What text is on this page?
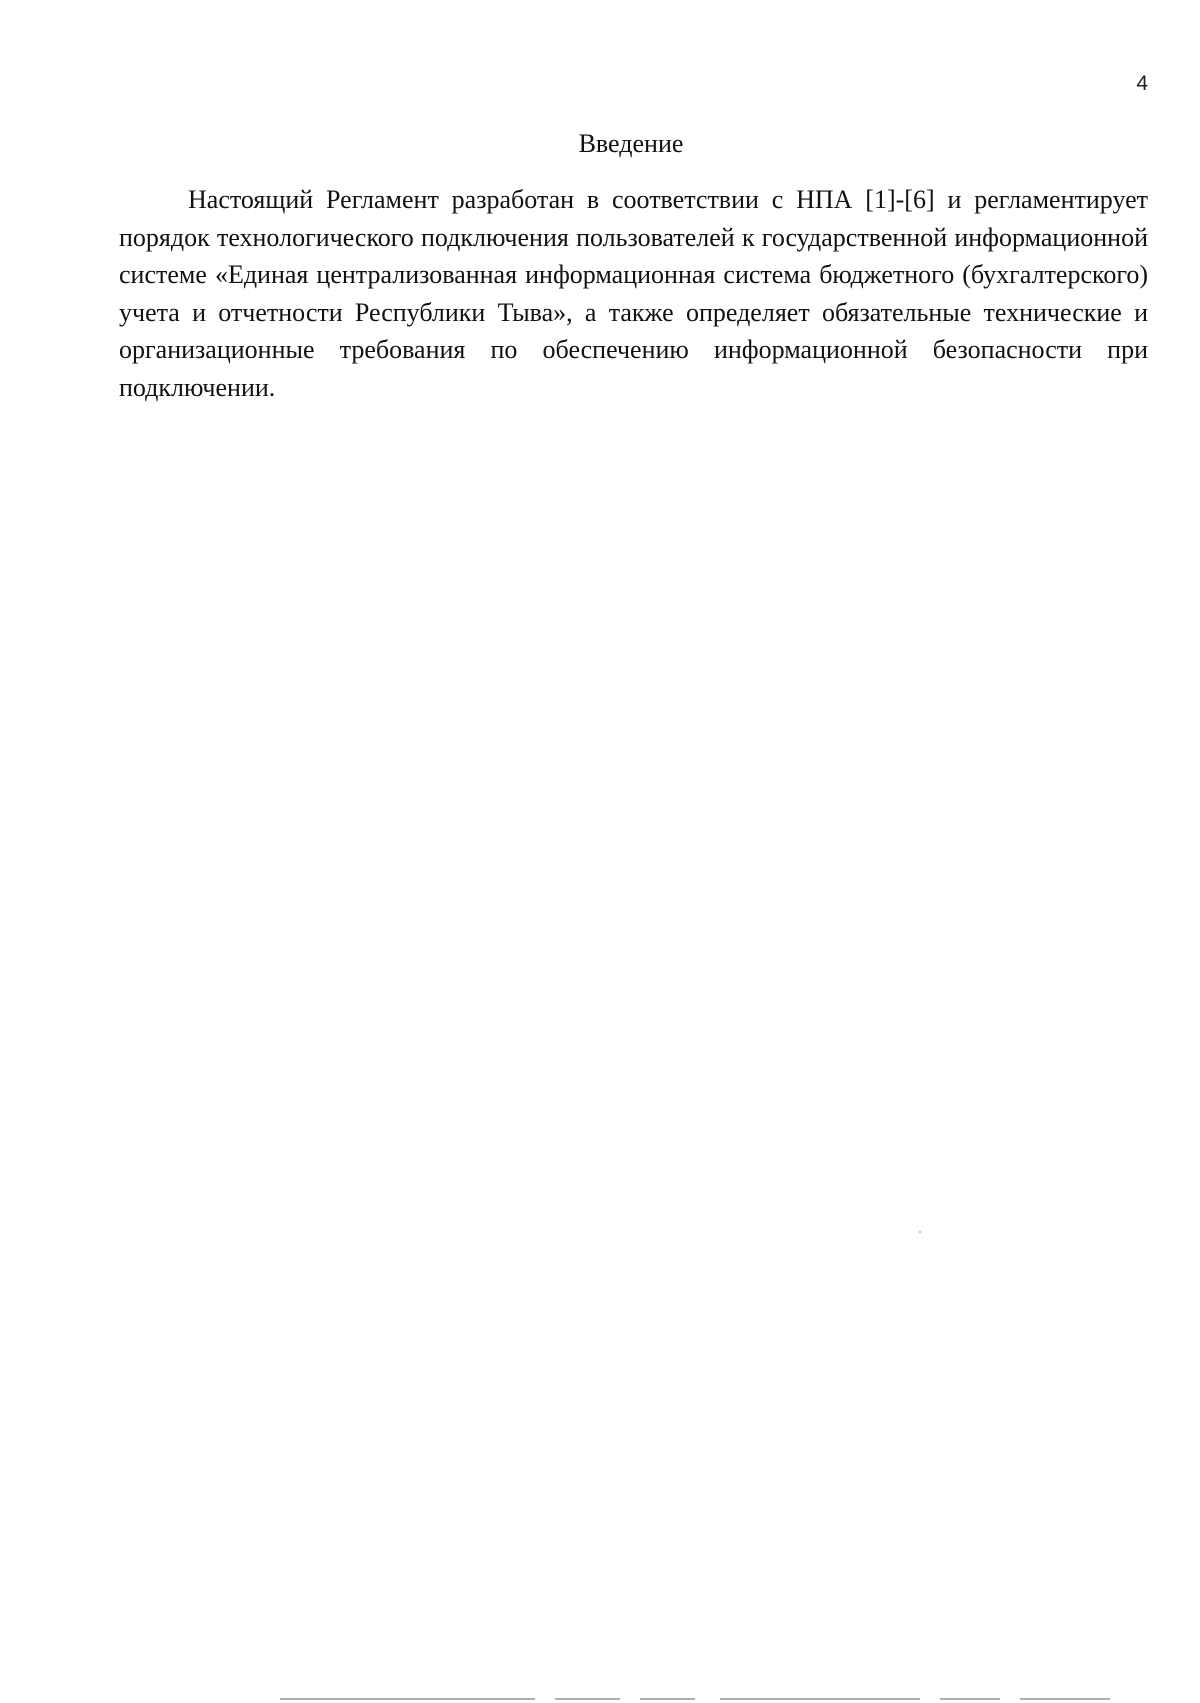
4
Введение

Настоящий Регламент разработан в соответствии с НПА [1]-[6] и регламентирует порядок технологического подключения пользователей к государственной информационной системе «Единая централизованная информационная система бюджетного (бухгалтерского) учета и отчетности Республики Тыва», а также определяет обязательные технические и организационные требования по обеспечению информационной безопасности при подключении.
